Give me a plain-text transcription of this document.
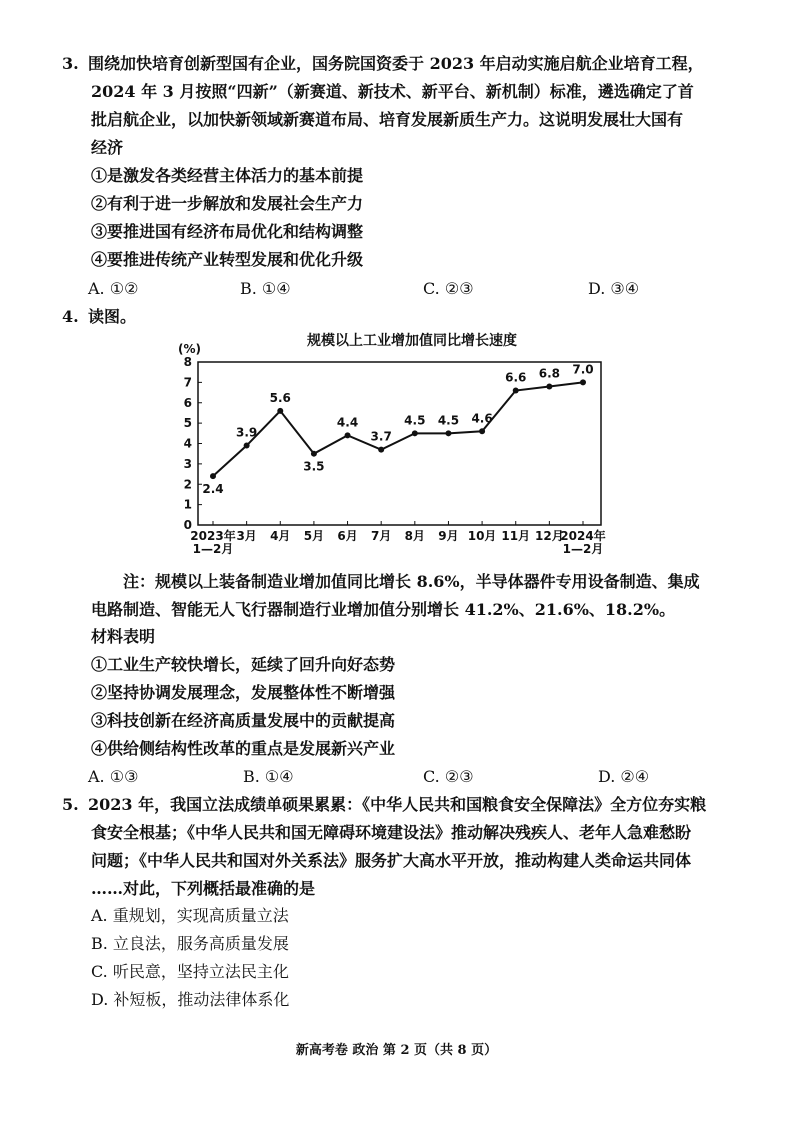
3. 围绕加快培育创新型国有企业，国务院国资委于 2023 年启动实施启航企业培育工程，
2024 年 3 月按照“四新”（新赛道、新技术、新平台、新机制）标准，遴选确定了首
批启航企业，以加快新领域新赛道布局、培育发展新质生产力。这说明发展壮大国有
经济
①是激发各类经营主体活力的基本前提
②有利于进一步解放和发展社会生产力
③要推进国有经济布局优化和结构调整
④要推进传统产业转型发展和优化升级
A. ①②	B. ①④	C. ②③	D. ③④
4. 读图。
规模以上工业增加值同比增长速度
(%)
0
1
2
3
4
5
6
7
8
2023年
1—2月
3月 4月 5月 6月 7月 8月 9月 10月 11月 12月
2024年
1—2月
2.4
3.9
5.6
3.5
4.4
3.7
4.5 4.5 4.6
6.6 6.8 7.0
注：规模以上装备制造业增加值同比增长 8.6%，半导体器件专用设备制造、集成
电路制造、智能无人飞行器制造行业增加值分别增长 41.2%、21.6%、18.2%。
材料表明
①工业生产较快增长，延续了回升向好态势
②坚持协调发展理念，发展整体性不断增强
③科技创新在经济高质量发展中的贡献提高
④供给侧结构性改革的重点是发展新兴产业
A. ①③	B. ①④	C. ②③	D. ②④
5. 2023 年，我国立法成绩单硕果累累：《中华人民共和国粮食安全保障法》全方位夯实粮
食安全根基；《中华人民共和国无障碍环境建设法》推动解决残疾人、老年人急难愁盼
问题；《中华人民共和国对外关系法》服务扩大高水平开放，推动构建人类命运共同体
……对此，下列概括最准确的是
A. 重规划，实现高质量立法
B. 立良法，服务高质量发展
C. 听民意，坚持立法民主化
D. 补短板，推动法律体系化
新高考卷 政治 第 2 页（共 8 页）
